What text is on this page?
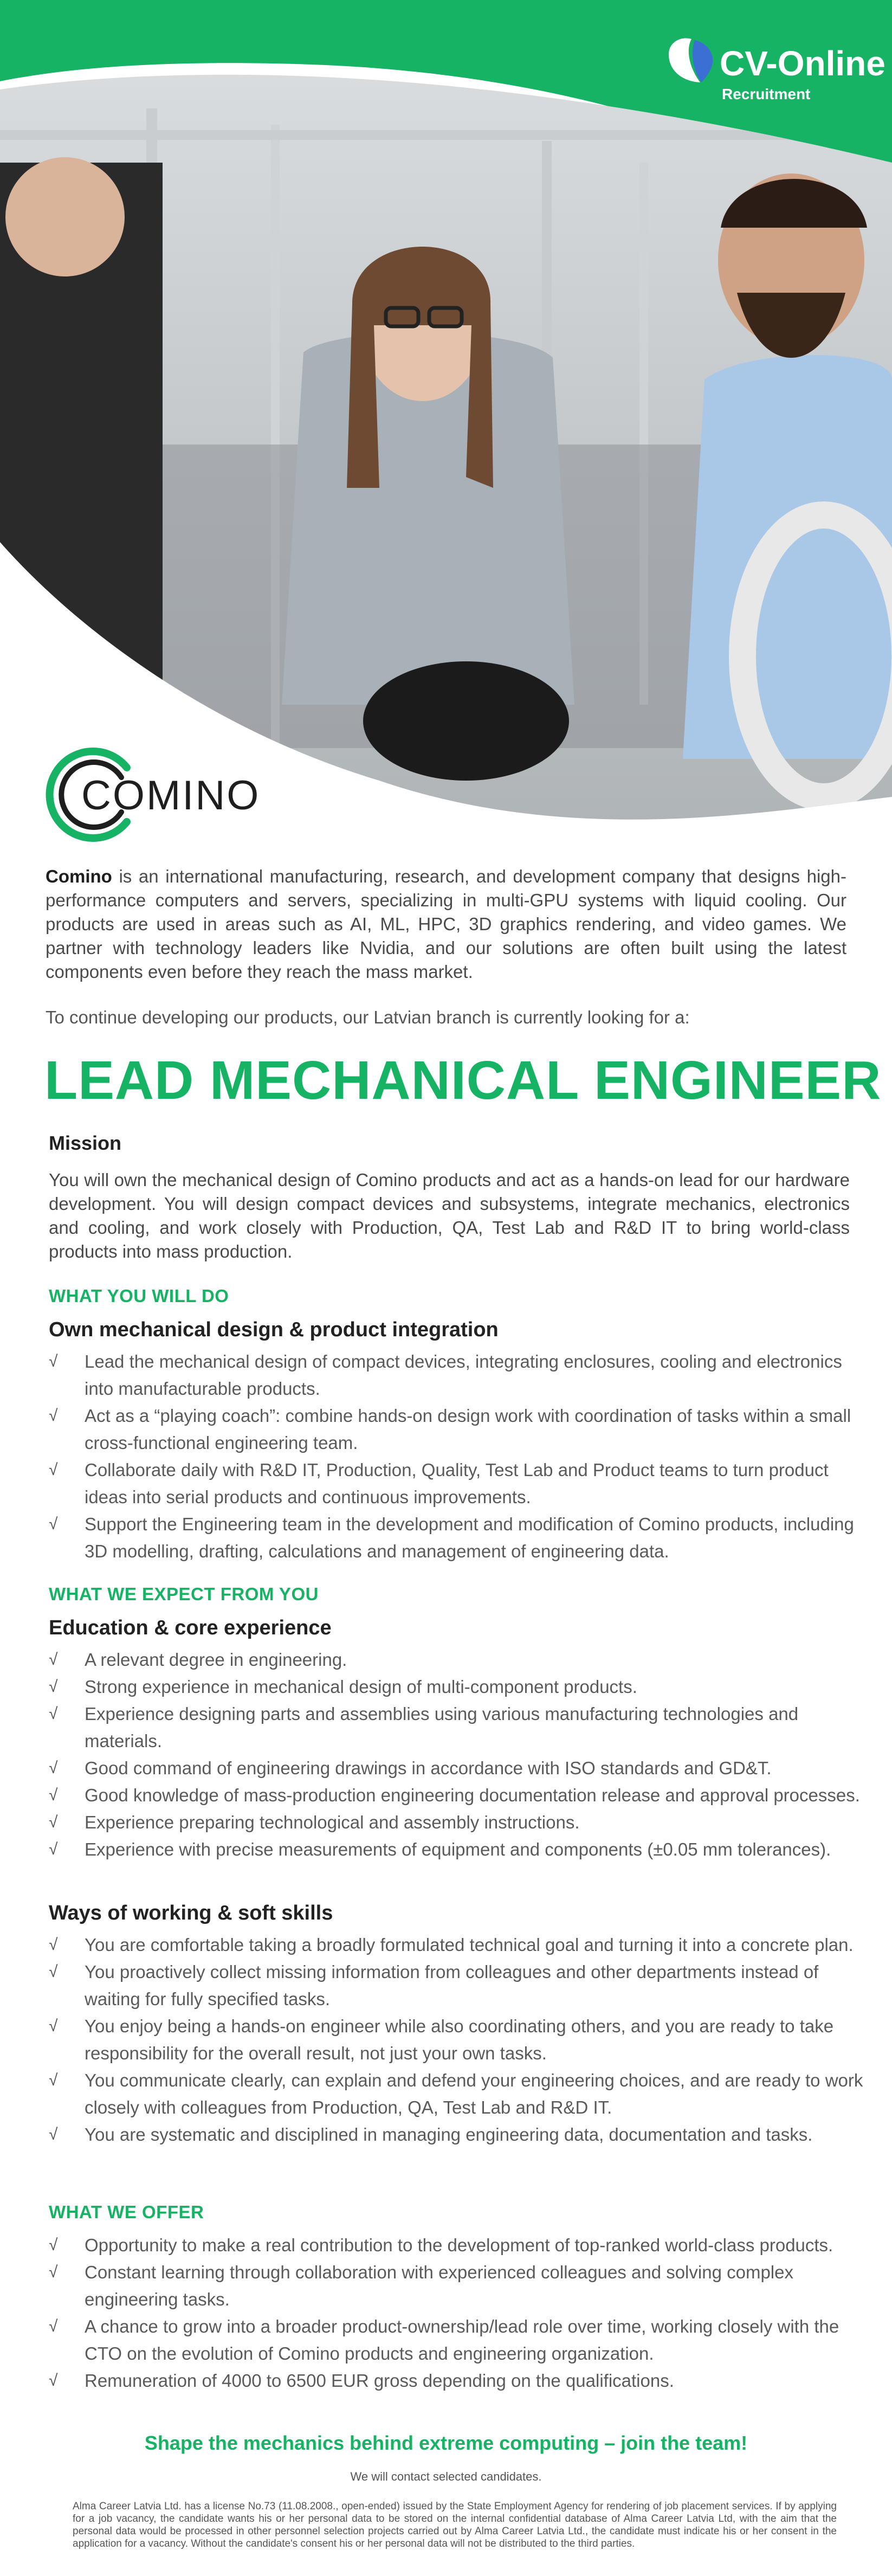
CV-Online
Recruitment
COMINO

Comino is an international manufacturing, research, and development company that designs high-performance computers and servers, specializing in multi-GPU systems with liquid cooling. Our products are used in areas such as AI, ML, HPC, 3D graphics rendering, and video games. We partner with technology leaders like Nvidia, and our solutions are often built using the latest components even before they reach the mass market.

To continue developing our products, our Latvian branch is currently looking for a:

LEAD MECHANICAL ENGINEER
Mission

You will own the mechanical design of Comino products and act as a hands-on lead for our hardware development. You will design compact devices and subsystems, integrate mechanics, electronics and cooling, and work closely with Production, QA, Test Lab and R&D IT to bring world-class products into mass production.

WHAT YOU WILL DO
Own mechanical design & product integration
√	Lead the mechanical design of compact devices, integrating enclosures, cooling and electronics into manufacturable products.
√	Act as a “playing coach”: combine hands-on design work with coordination of tasks within a small cross-functional engineering team.
√	Collaborate daily with R&D IT, Production, Quality, Test Lab and Product teams to turn product ideas into serial products and continuous improvements.
√	Support the Engineering team in the development and modification of Comino products, including 3D modelling, drafting, calculations and management of engineering data.
WHAT WE EXPECT FROM YOU
Education & core experience
√	A relevant degree in engineering.
√	Strong experience in mechanical design of multi-component products.
√	Experience designing parts and assemblies using various manufacturing technologies and materials.
√	Good command of engineering drawings in accordance with ISO standards and GD&T.
√	Good knowledge of mass-production engineering documentation release and approval processes.
√	Experience preparing technological and assembly instructions.
√	Experience with precise measurements of equipment and components (±0.05 mm tolerances).
Ways of working & soft skills
√	You are comfortable taking a broadly formulated technical goal and turning it into a concrete plan.
√	You proactively collect missing information from colleagues and other departments instead of waiting for fully specified tasks.
√	You enjoy being a hands-on engineer while also coordinating others, and you are ready to take responsibility for the overall result, not just your own tasks.
√	You communicate clearly, can explain and defend your engineering choices, and are ready to work closely with colleagues from Production, QA, Test Lab and R&D IT.
√	You are systematic and disciplined in managing engineering data, documentation and tasks.
WHAT WE OFFER
√	Opportunity to make a real contribution to the development of top-ranked world-class products.
√	Constant learning through collaboration with experienced colleagues and solving complex engineering tasks.
√	A chance to grow into a broader product-ownership/lead role over time, working closely with the CTO on the evolution of Comino products and engineering organization.
√	Remuneration of 4000 to 6500 EUR gross depending on the qualifications.

Shape the mechanics behind extreme computing – join the team!

We will contact selected candidates.

Alma Career Latvia Ltd. has a license No.73 (11.08.2008., open-ended) issued by the State Employment Agency for rendering of job placement services. If by applying for a job vacancy, the candidate wants his or her personal data to be stored on the internal confidential database of Alma Career Latvia Ltd, with the aim that the personal data would be processed in other personnel selection projects carried out by Alma Career Latvia Ltd., the candidate must indicate his or her consent in the application for a vacancy. Without the candidate's consent his or her personal data will not be distributed to the third parties.
